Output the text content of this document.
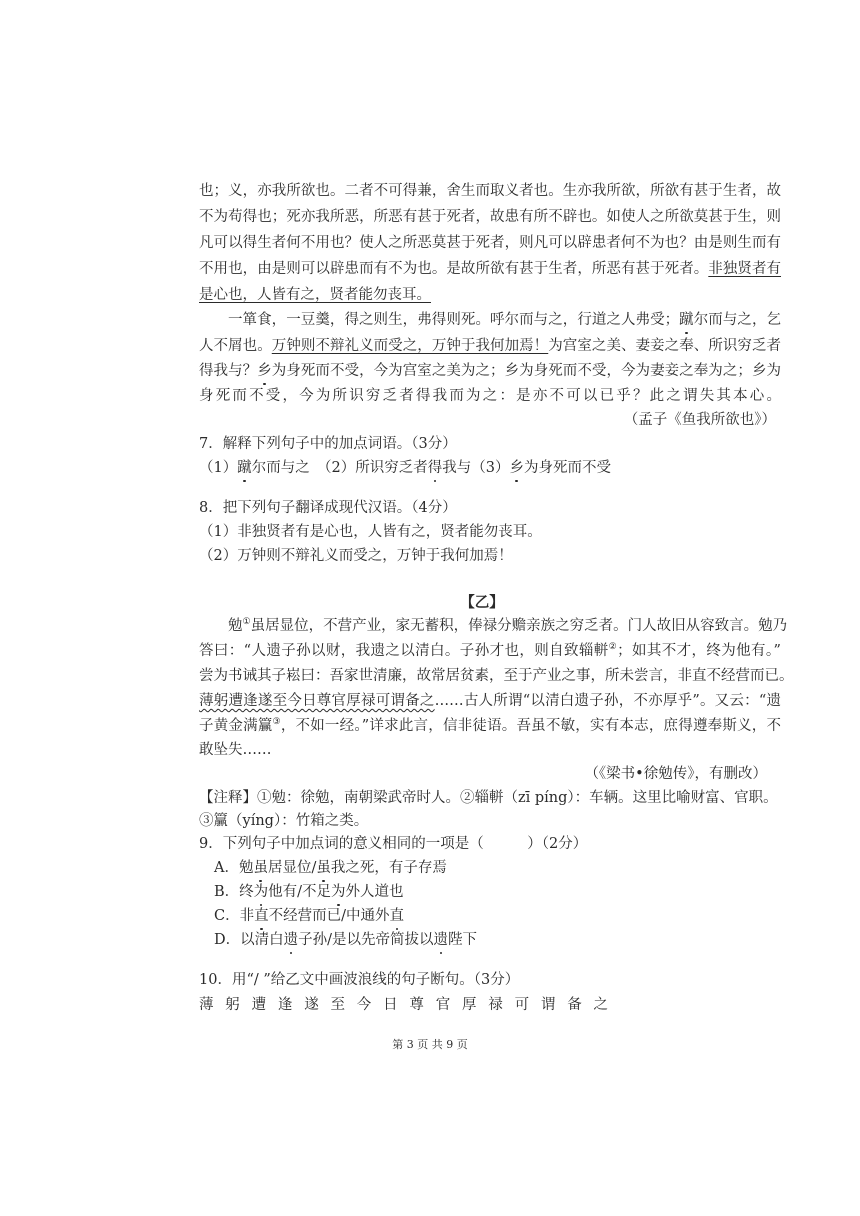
也；义，亦我所欲也。二者不可得兼，舍生而取义者也。生亦我所欲，所欲有甚于生者，故
不为苟得也；死亦我所恶，所恶有甚于死者，故患有所不辟也。如使人之所欲莫甚于生，则
凡可以得生者何不用也？使人之所恶莫甚于死者，则凡可以辟患者何不为也？由是则生而有
不用也，由是则可以辟患而有不为也。是故所欲有甚于生者，所恶有甚于死者。非独贤者有
是心也，人皆有之，贤者能勿丧耳。
一箪食，一豆羹，得之则生，弗得则死。呼尔而与之，行道之人弗受；蹴尔而与之，乞
人不屑也。万钟则不辩礼义而受之，万钟于我何加焉！为宫室之美、妻妾之奉、所识穷乏者
得我与？乡为身死而不受，今为宫室之美为之；乡为身死而不受，今为妻妾之奉为之；乡为
身死而不受，今为所识穷乏者得我而为之：是亦不可以已乎？此之谓失其本心。
（孟子《鱼我所欲也》）
7．解释下列句子中的加点词语。（3分）
（1）蹴尔而与之　 （2）所识穷乏者得我与（3）乡为身死而不受
8．把下列句子翻译成现代汉语。（4分）
（1）非独贤者有是心也，人皆有之，贤者能勿丧耳。
（2）万钟则不辩礼义而受之，万钟于我何加焉！
【乙】
勉①虽居显位，不营产业，家无蓄积，俸禄分赡亲族之穷乏者。门人故旧从容致言。勉乃
答曰：“人遗子孙以财，我遗之以清白。子孙才也，则自致辎軿②；如其不才，终为他有。”
尝为书诫其子崧曰：吾家世清廉，故常居贫素，至于产业之事，所未尝言，非直不经营而已。
薄躬遭逢遂至今日尊官厚禄可谓备之……古人所谓“以清白遗子孙，不亦厚乎”。又云：“遗
子黄金满籯③，不如一经。”详求此言，信非徒语。吾虽不敏，实有本志，庶得遵奉斯义，不
敢坠失……
（《梁书•徐勉传》，有删改）
【注释】①勉：徐勉，南朝梁武帝时人。②辎軿（zī píng）：车辆。这里比喻财富、官职。
③籯（yíng）：竹箱之类。
9．下列句子中加点词的意义相同的一项是（　　　）（2分）
A．勉虽居显位/虽我之死，有子存焉
B．终为他有/不足为外人道也
C．非直不经营而已/中通外直
D．以清白遗子孙/是以先帝简拔以遗陛下
10．用“/ ”给乙文中画波浪线的句子断句。（3分）
薄躬遭逢遂至今日尊官厚禄可谓备之
第 3 页 共 9 页
